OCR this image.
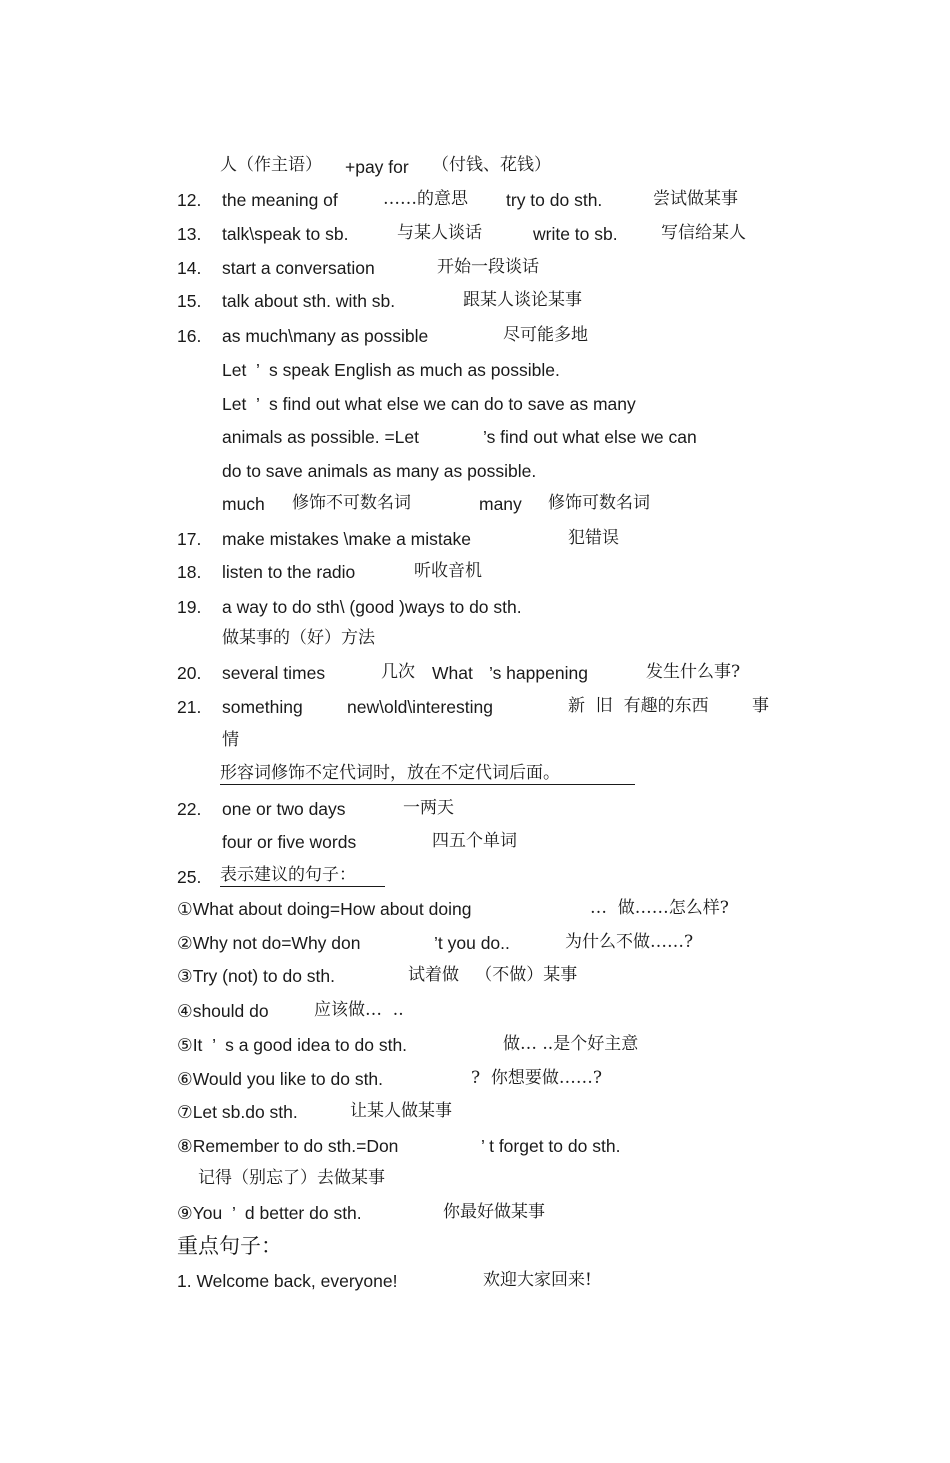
人（作主语） +pay for （付钱、花钱）
12. the meaning of	……的意思 try to do sth.	尝试做某事
13. talk\speak to sb.	与某人谈话	write to sb.	写信给某人
14. start a conversation	开始一段谈话
15. talk about sth. with sb.	跟某人谈论某事
16. as much\many as possible	尽可能多地
Let  ’  s speak English as much as possible.
Let  ’  s find out what else we can do to save as many
animals as possible. =Let	’s find out what else we can
do to save animals as many as possible.
much 修饰不可数名词	many 修饰可数名词
17. make mistakes \make a mistake	犯错误
18. listen to the radio	听收音机
19. a way to do sth\ (good )ways to do sth.
做某事的（好）方法
20. several times	几次 What ’s happening	发生什么事?
21. something	new\old\interesting	新  旧  有趣的东西	事
情
形容词修饰不定代词时，放在不定代词后面。
22. one or two days	一两天
four or five words	四五个单词
25. 表示建议的句子：
①What about doing=How about doing	…  做……怎么样?
②Why not do=Why don	’t you do..	为什么不做……?
③Try (not) to do sth.	试着做   （不做）某事
④should do	应该做…  ..
⑤It  ’  s a good idea to do sth.	做… ..是个好主意
⑥Would you like to do sth.	?  你想要做……?
⑦Let sb.do sth.	让某人做某事
⑧Remember to do sth.=Don	’ t forget to do sth.
记得（别忘了）去做某事
⑨You  ’  d better do sth.	你最好做某事
重点句子：
1. Welcome back, everyone!	欢迎大家回来!
